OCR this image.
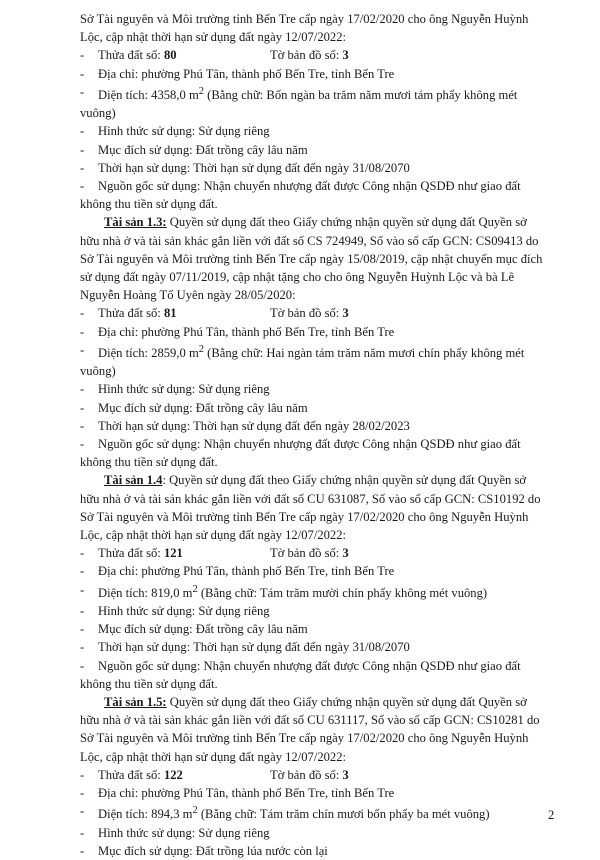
Sở Tài nguyên và Môi trường tỉnh Bến Tre cấp ngày 17/02/2020 cho ông Nguyễn Huỳnh

Lộc, cập nhật thời hạn sử dụng đất ngày 12/07/2022:

-	Thửa đất số: 80	Tờ bản đồ số: 3
-	Địa chỉ: phường Phú Tân, thành phố Bến Tre, tỉnh Bến Tre
-	Diện tích: 4358,0 $m^2$ (Bằng chữ: Bốn ngàn ba trăm năm mươi tám phẩy không mét

vuông)

-	Hình thức sử dụng: Sử dụng riêng
-	Mục đích sử dụng: Đất trồng cây lâu năm
-	Thời hạn sử dụng: Thời hạn sử dụng đất đến ngày 31/08/2070
-	Nguồn gốc sử dụng: Nhận chuyển nhượng đất được Công nhận QSDĐ như giao đất

không thu tiền sử dụng đất.

Tài sản 1.3: Quyền sử dụng đất theo Giấy chứng nhận quyền sử dụng đất Quyền sở

hữu nhà ở và tài sản khác gắn liền với đất số CS 724949, Số vào sổ cấp GCN: CS09413 do

Sở Tài nguyên và Môi trường tỉnh Bến Tre cấp ngày 15/08/2019, cập nhật chuyển mục đích

sử dụng đất ngày 07/11/2019, cập nhật tặng cho cho ông Nguyễn Huỳnh Lộc và bà Lê

Nguyễn Hoàng Tố Uyên ngày 28/05/2020:

-	Thửa đất số: 81	Tờ bản đồ số: 3
-	Địa chỉ: phường Phú Tân, thành phố Bến Tre, tỉnh Bến Tre
-	Diện tích: 2859,0 $m^2$ (Bằng chữ: Hai ngàn tám trăm năm mươi chín phẩy không mét

vuông)

-	Hình thức sử dụng: Sử dụng riêng
-	Mục đích sử dụng: Đất trồng cây lâu năm
-	Thời hạn sử dụng: Thời hạn sử dụng đất đến ngày 28/02/2023
-	Nguồn gốc sử dụng: Nhận chuyển nhượng đất được Công nhận QSDĐ như giao đất

không thu tiền sử dụng đất.

Tài sản 1.4: Quyền sử dụng đất theo Giấy chứng nhận quyền sử dụng đất Quyền sở

hữu nhà ở và tài sản khác gắn liền với đất số CU 631087, Số vào sổ cấp GCN: CS10192 do

Sở Tài nguyên và Môi trường tỉnh Bến Tre cấp ngày 17/02/2020 cho ông Nguyễn Huỳnh

Lộc, cập nhật thời hạn sử dụng đất ngày 12/07/2022:

-	Thửa đất số: 121	Tờ bản đồ số: 3
-	Địa chỉ: phường Phú Tân, thành phố Bến Tre, tỉnh Bến Tre
-	Diện tích: 819,0 $m^2$ (Bằng chữ: Tám trăm mười chín phẩy không mét vuông)
-	Hình thức sử dụng: Sử dụng riêng
-	Mục đích sử dụng: Đất trồng cây lâu năm
-	Thời hạn sử dụng: Thời hạn sử dụng đất đến ngày 31/08/2070
-	Nguồn gốc sử dụng: Nhận chuyển nhượng đất được Công nhận QSDĐ như giao đất

không thu tiền sử dụng đất.

Tài sản 1.5: Quyền sử dụng đất theo Giấy chứng nhận quyền sử dụng đất Quyền sở

hữu nhà ở và tài sản khác gắn liền với đất số CU 631117, Số vào sổ cấp GCN: CS10281 do

Sở Tài nguyên và Môi trường tỉnh Bến Tre cấp ngày 17/02/2020 cho ông Nguyễn Huỳnh

Lộc, cập nhật thời hạn sử dụng đất ngày 12/07/2022:

-	Thửa đất số: 122	Tờ bản đồ số: 3
-	Địa chỉ: phường Phú Tân, thành phố Bến Tre, tỉnh Bến Tre
-	Diện tích: 894,3 $m^2$ (Bằng chữ: Tám trăm chín mươi bốn phẩy ba mét vuông)
-	Hình thức sử dụng: Sử dụng riêng
-	Mục đích sử dụng: Đất trồng lúa nước còn lại
2
